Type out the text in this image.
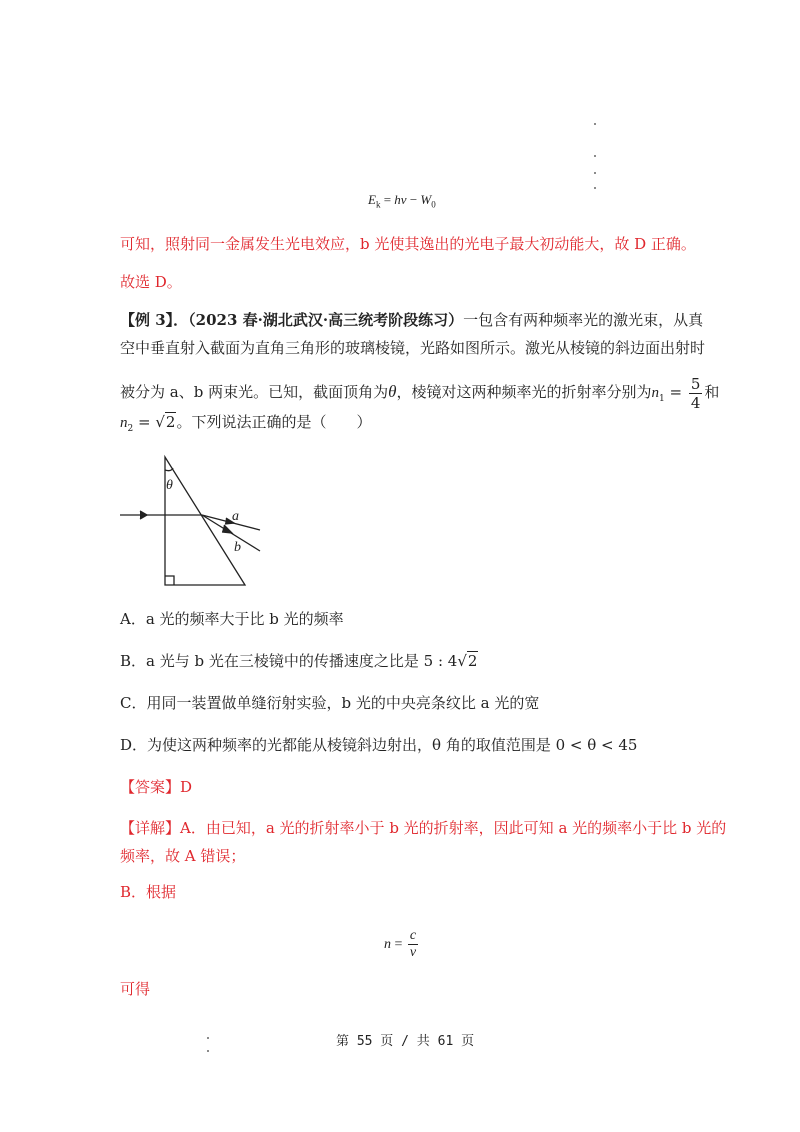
$E_k = h\nu - W_0$
可知，照射同一金属发生光电效应，b 光使其逸出的光电子最大初动能大，故 D 正确。
故选 D。
【例 3】．（2023 春·湖北武汉·高三统考阶段练习）一包含有两种频率光的激光束，从真
空中垂直射入截面为直角三角形的玻璃棱镜，光路如图所示。激光从棱镜的斜边面出射时
被分为 a、b 两束光。已知，截面顶角为θ，棱镜对这两种频率光的折射率分别为$n_1 = \frac{5}{4}$ 和
$n_2 = √2$。下列说法正确的是（　　）
θ
a
b
A．a 光的频率大于比 b 光的频率
B．a 光与 b 光在三棱镜中的传播速度之比是 5 : 4√2
C．用同一装置做单缝衍射实验，b 光的中央亮条纹比 a 光的宽
D．为使这两种频率的光都能从棱镜斜边射出，θ 角的取值范围是 0 < θ < 45
【答案】D
【详解】A．由已知，a 光的折射率小于 b 光的折射率，因此可知 a 光的频率小于比 b 光的
频率，故 A 错误；
B．根据
$n = \frac{c}{v}$
可得
第 55 页 / 共 61 页
